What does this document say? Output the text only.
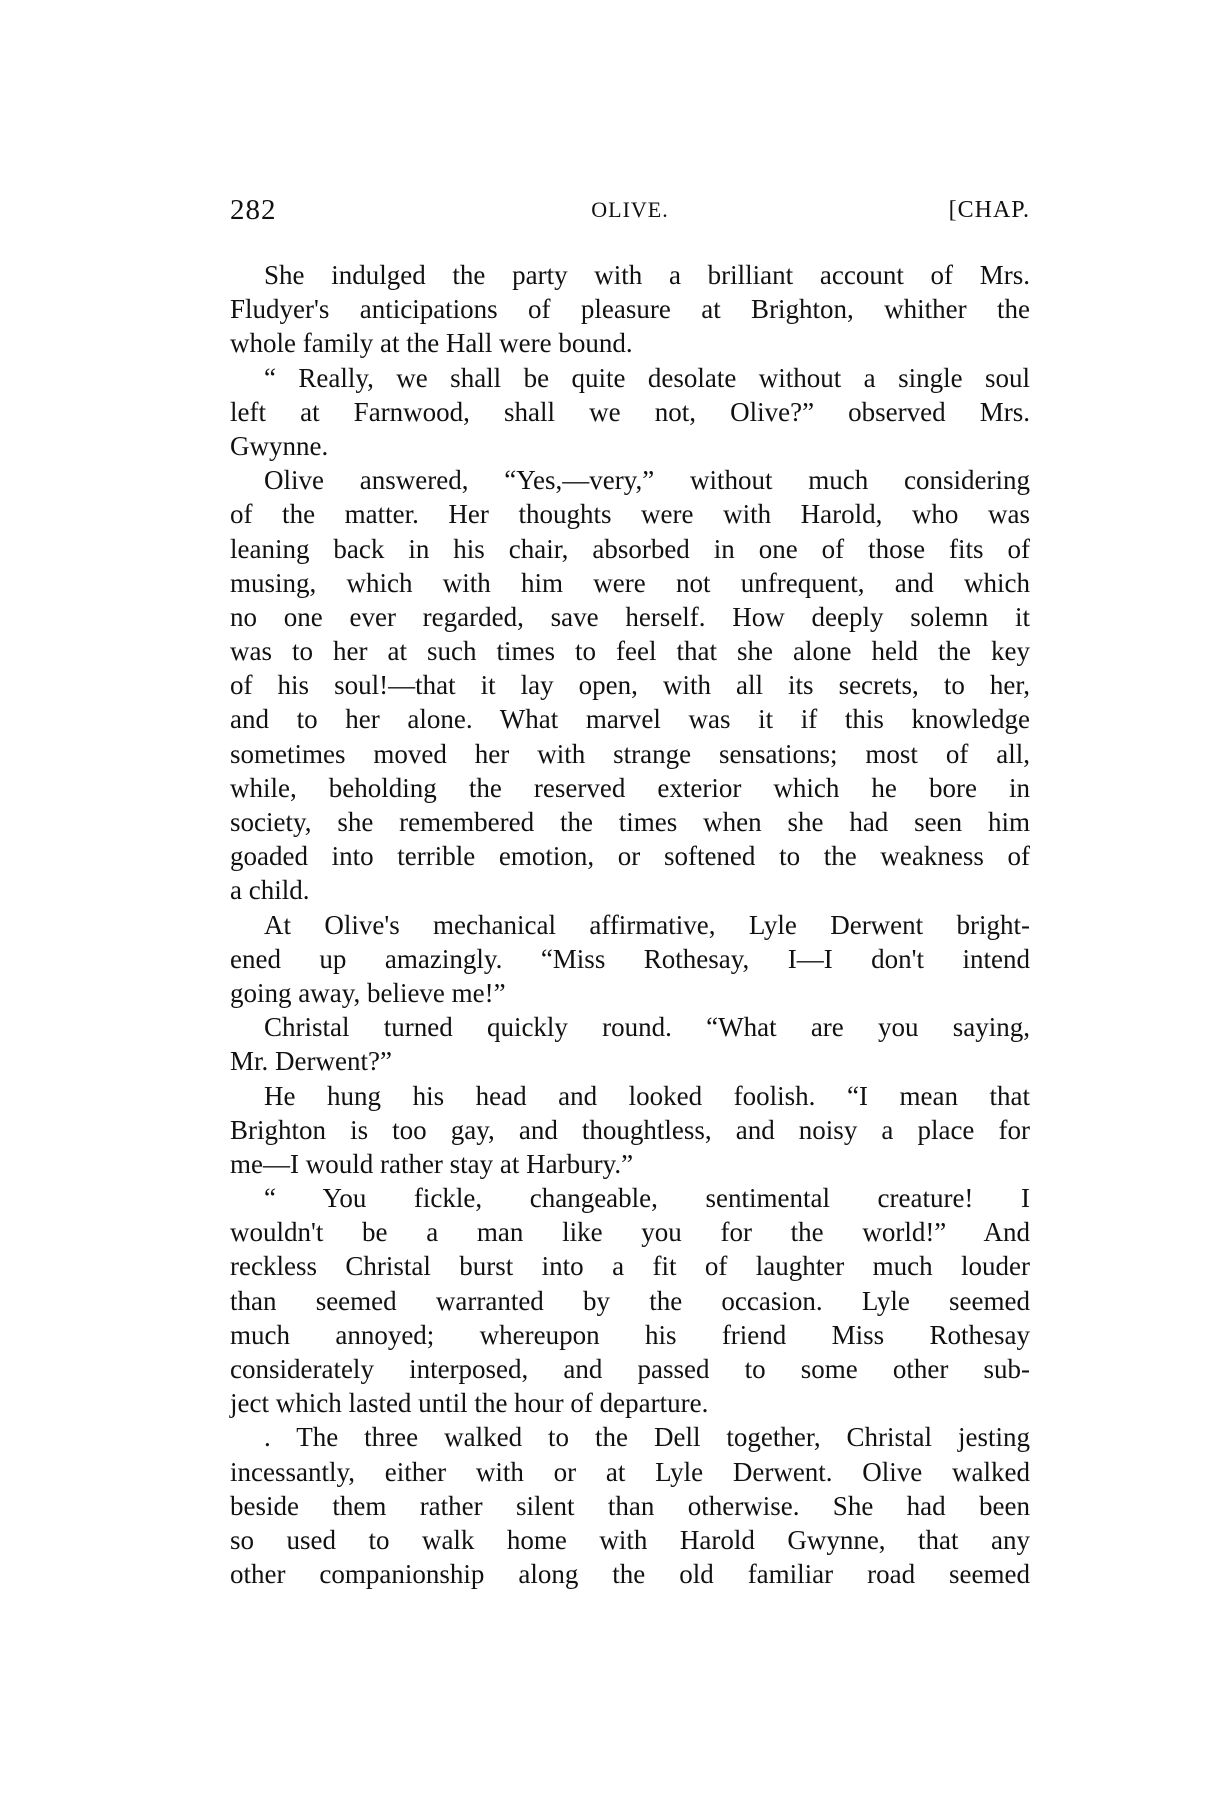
282	OLIVE.	[CHAP.
She indulged the party with a brilliant account of Mrs.
Fludyer's anticipations of pleasure at Brighton, whither the
whole family at the Hall were bound.
“ Really, we shall be quite desolate without a single soul
left at Farnwood, shall we not, Olive?” observed Mrs.
Gwynne.
Olive answered, “Yes,—very,” without much considering
of the matter. Her thoughts were with Harold, who was
leaning back in his chair, absorbed in one of those fits of
musing, which with him were not unfrequent, and which
no one ever regarded, save herself. How deeply solemn it
was to her at such times to feel that she alone held the key
of his soul!—that it lay open, with all its secrets, to her,
and to her alone. What marvel was it if this knowledge
sometimes moved her with strange sensations; most of all,
while, beholding the reserved exterior which he bore in
society, she remembered the times when she had seen him
goaded into terrible emotion, or softened to the weakness of
a child.
At Olive's mechanical affirmative, Lyle Derwent bright-
ened up amazingly. “Miss Rothesay, I—I don't intend
going away, believe me!”
Christal turned quickly round. “What are you saying,
Mr. Derwent?”
He hung his head and looked foolish. “I mean that
Brighton is too gay, and thoughtless, and noisy a place for
me—I would rather stay at Harbury.”
“ You fickle, changeable, sentimental creature! I
wouldn't be a man like you for the world!” And
reckless Christal burst into a fit of laughter much louder
than seemed warranted by the occasion. Lyle seemed
much annoyed; whereupon his friend Miss Rothesay
considerately interposed, and passed to some other sub-
ject which lasted until the hour of departure.
. The three walked to the Dell together, Christal jesting
incessantly, either with or at Lyle Derwent. Olive walked
beside them rather silent than otherwise. She had been
so used to walk home with Harold Gwynne, that any
other companionship along the old familiar road seemed
